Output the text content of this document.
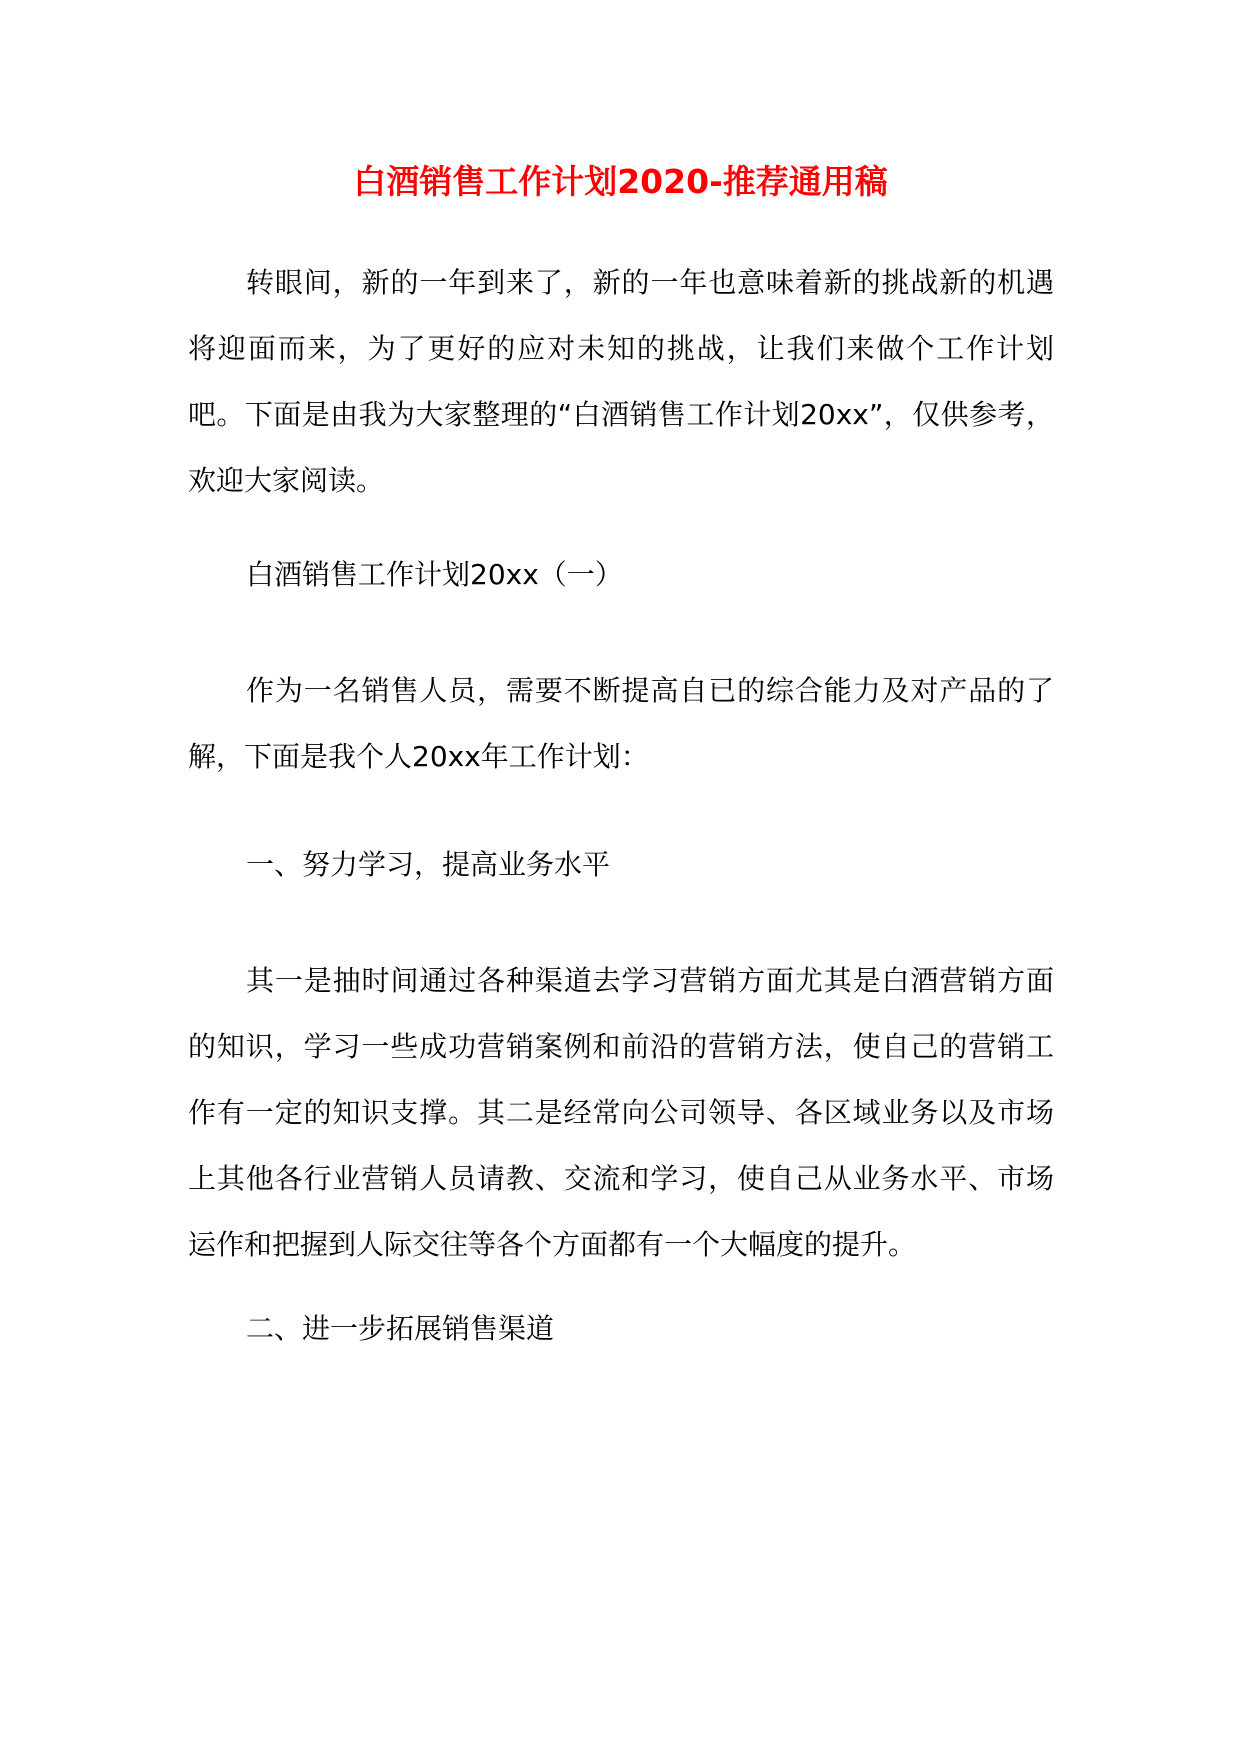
白酒销售工作计划2020-推荐通用稿

转眼间，新的一年到来了，新的一年也意味着新的挑战新的机遇将迎面而来，为了更好的应对未知的挑战，让我们来做个工作计划吧。下面是由我为大家整理的“白酒销售工作计划20xx”，仅供参考，欢迎大家阅读。

白酒销售工作计划20xx（一）

作为一名销售人员，需要不断提高自已的综合能力及对产品的了解，下面是我个人20xx年工作计划：

一、努力学习，提高业务水平

其一是抽时间通过各种渠道去学习营销方面尤其是白酒营销方面的知识，学习一些成功营销案例和前沿的营销方法，使自己的营销工作有一定的知识支撑。其二是经常向公司领导、各区域业务以及市场上其他各行业营销人员请教、交流和学习，使自己从业务水平、市场运作和把握到人际交往等各个方面都有一个大幅度的提升。

二、进一步拓展销售渠道
